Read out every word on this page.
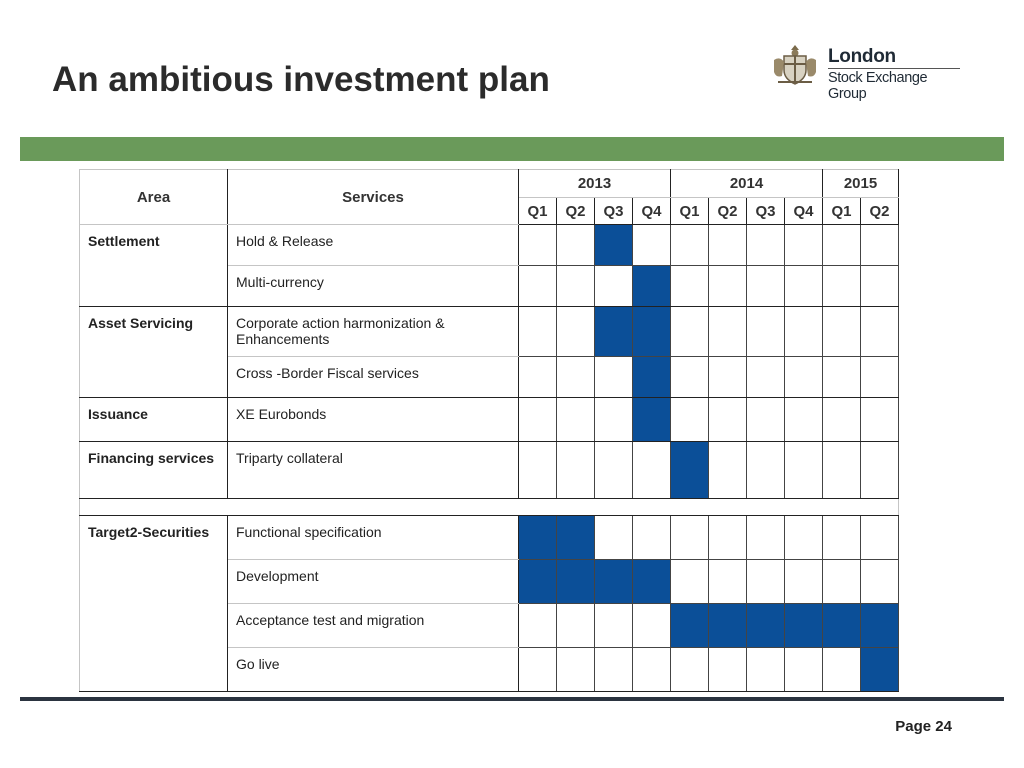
An ambitious investment plan
London
Stock Exchange Group
Area	Services	2013				2014				2015	
		Q1	Q2	Q3	Q4	Q1	Q2	Q3	Q4	Q1	Q2
Settlement	Hold & Release										
	Multi-currency										
Asset Servicing	Corporate action harmonization & Enhancements										
	Cross -Border Fiscal services										
Issuance	XE Eurobonds										
Financing services	Triparty collateral										

Target2-Securities	Functional specification										
	Development										
	Acceptance test and migration										
	Go live										
Page 24
